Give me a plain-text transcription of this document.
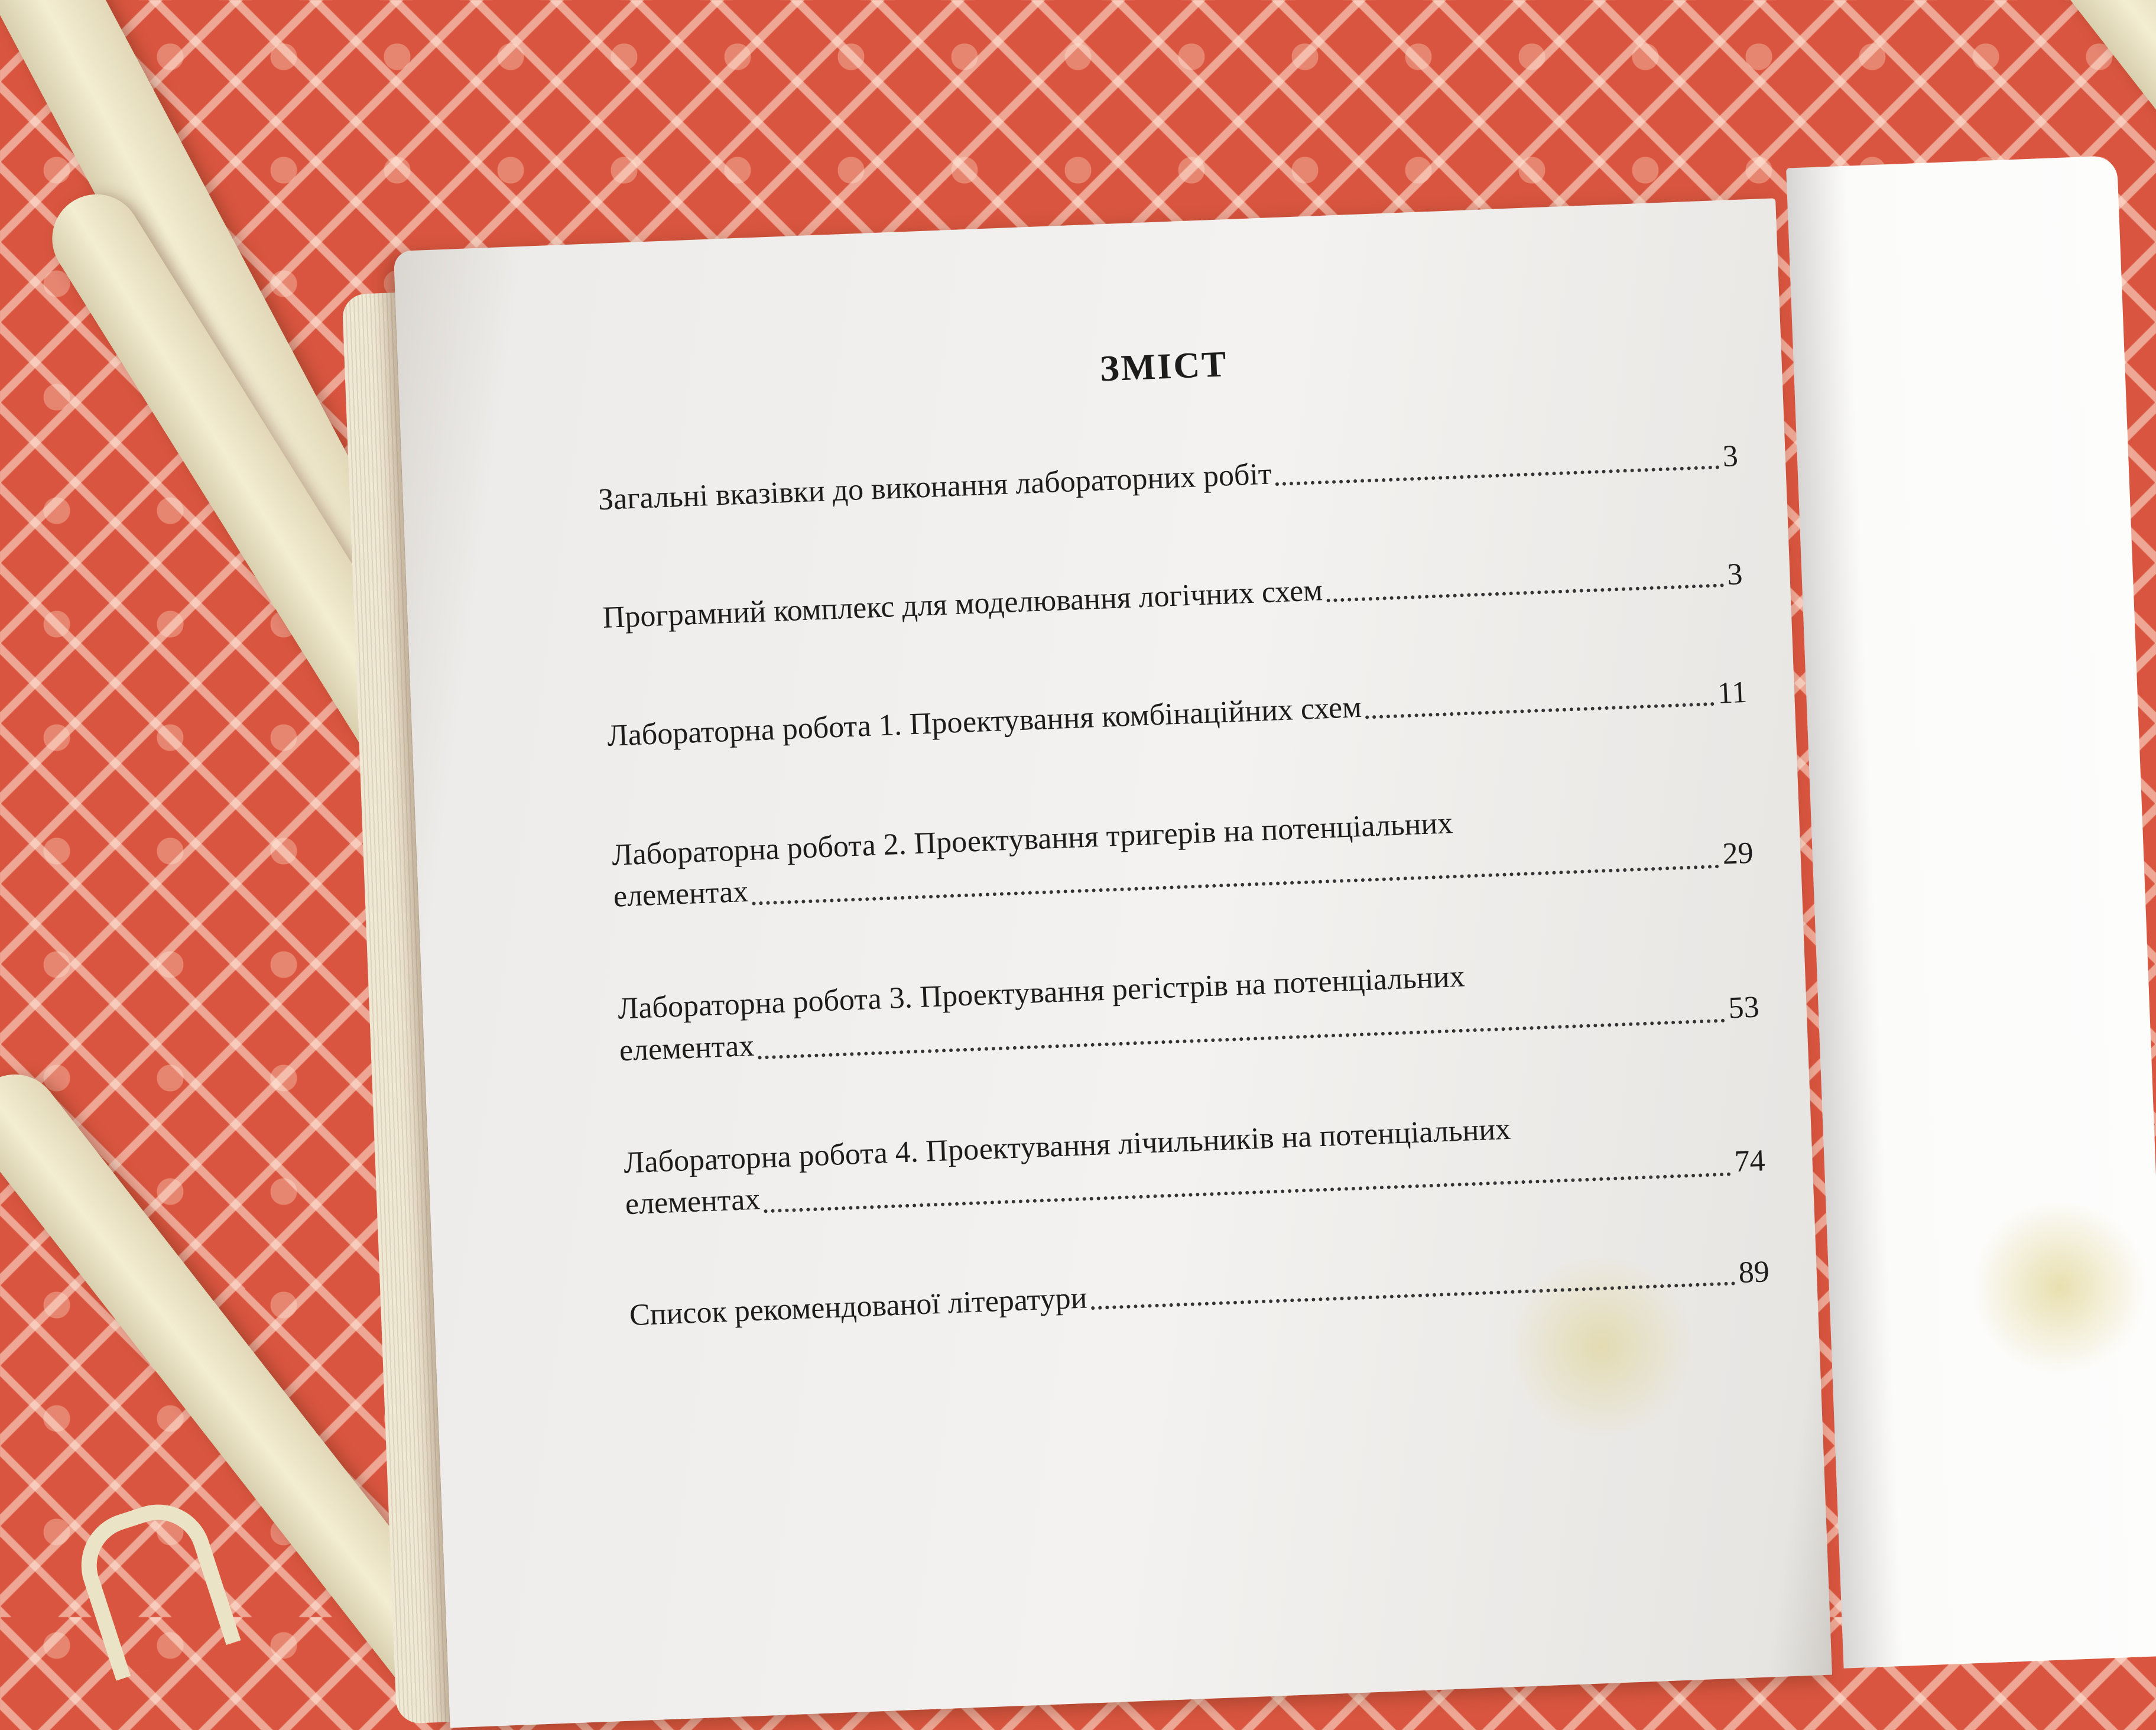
ЗМІСТ
Загальні вказівки до виконання лабораторних робіт
3
Програмний комплекс для моделювання логічних схем	3
Лабораторна робота 1. Проектування комбінаційних схем	11
Лабораторна робота 2. Проектування тригерів на потенціальних
елементах
29
Лабораторна робота 3. Проектування регістрів на потенціальних
елементах
53
Лабораторна робота 4. Проектування лічильників на потенціальних
елементах
74
Список рекомендованої літератури
89
